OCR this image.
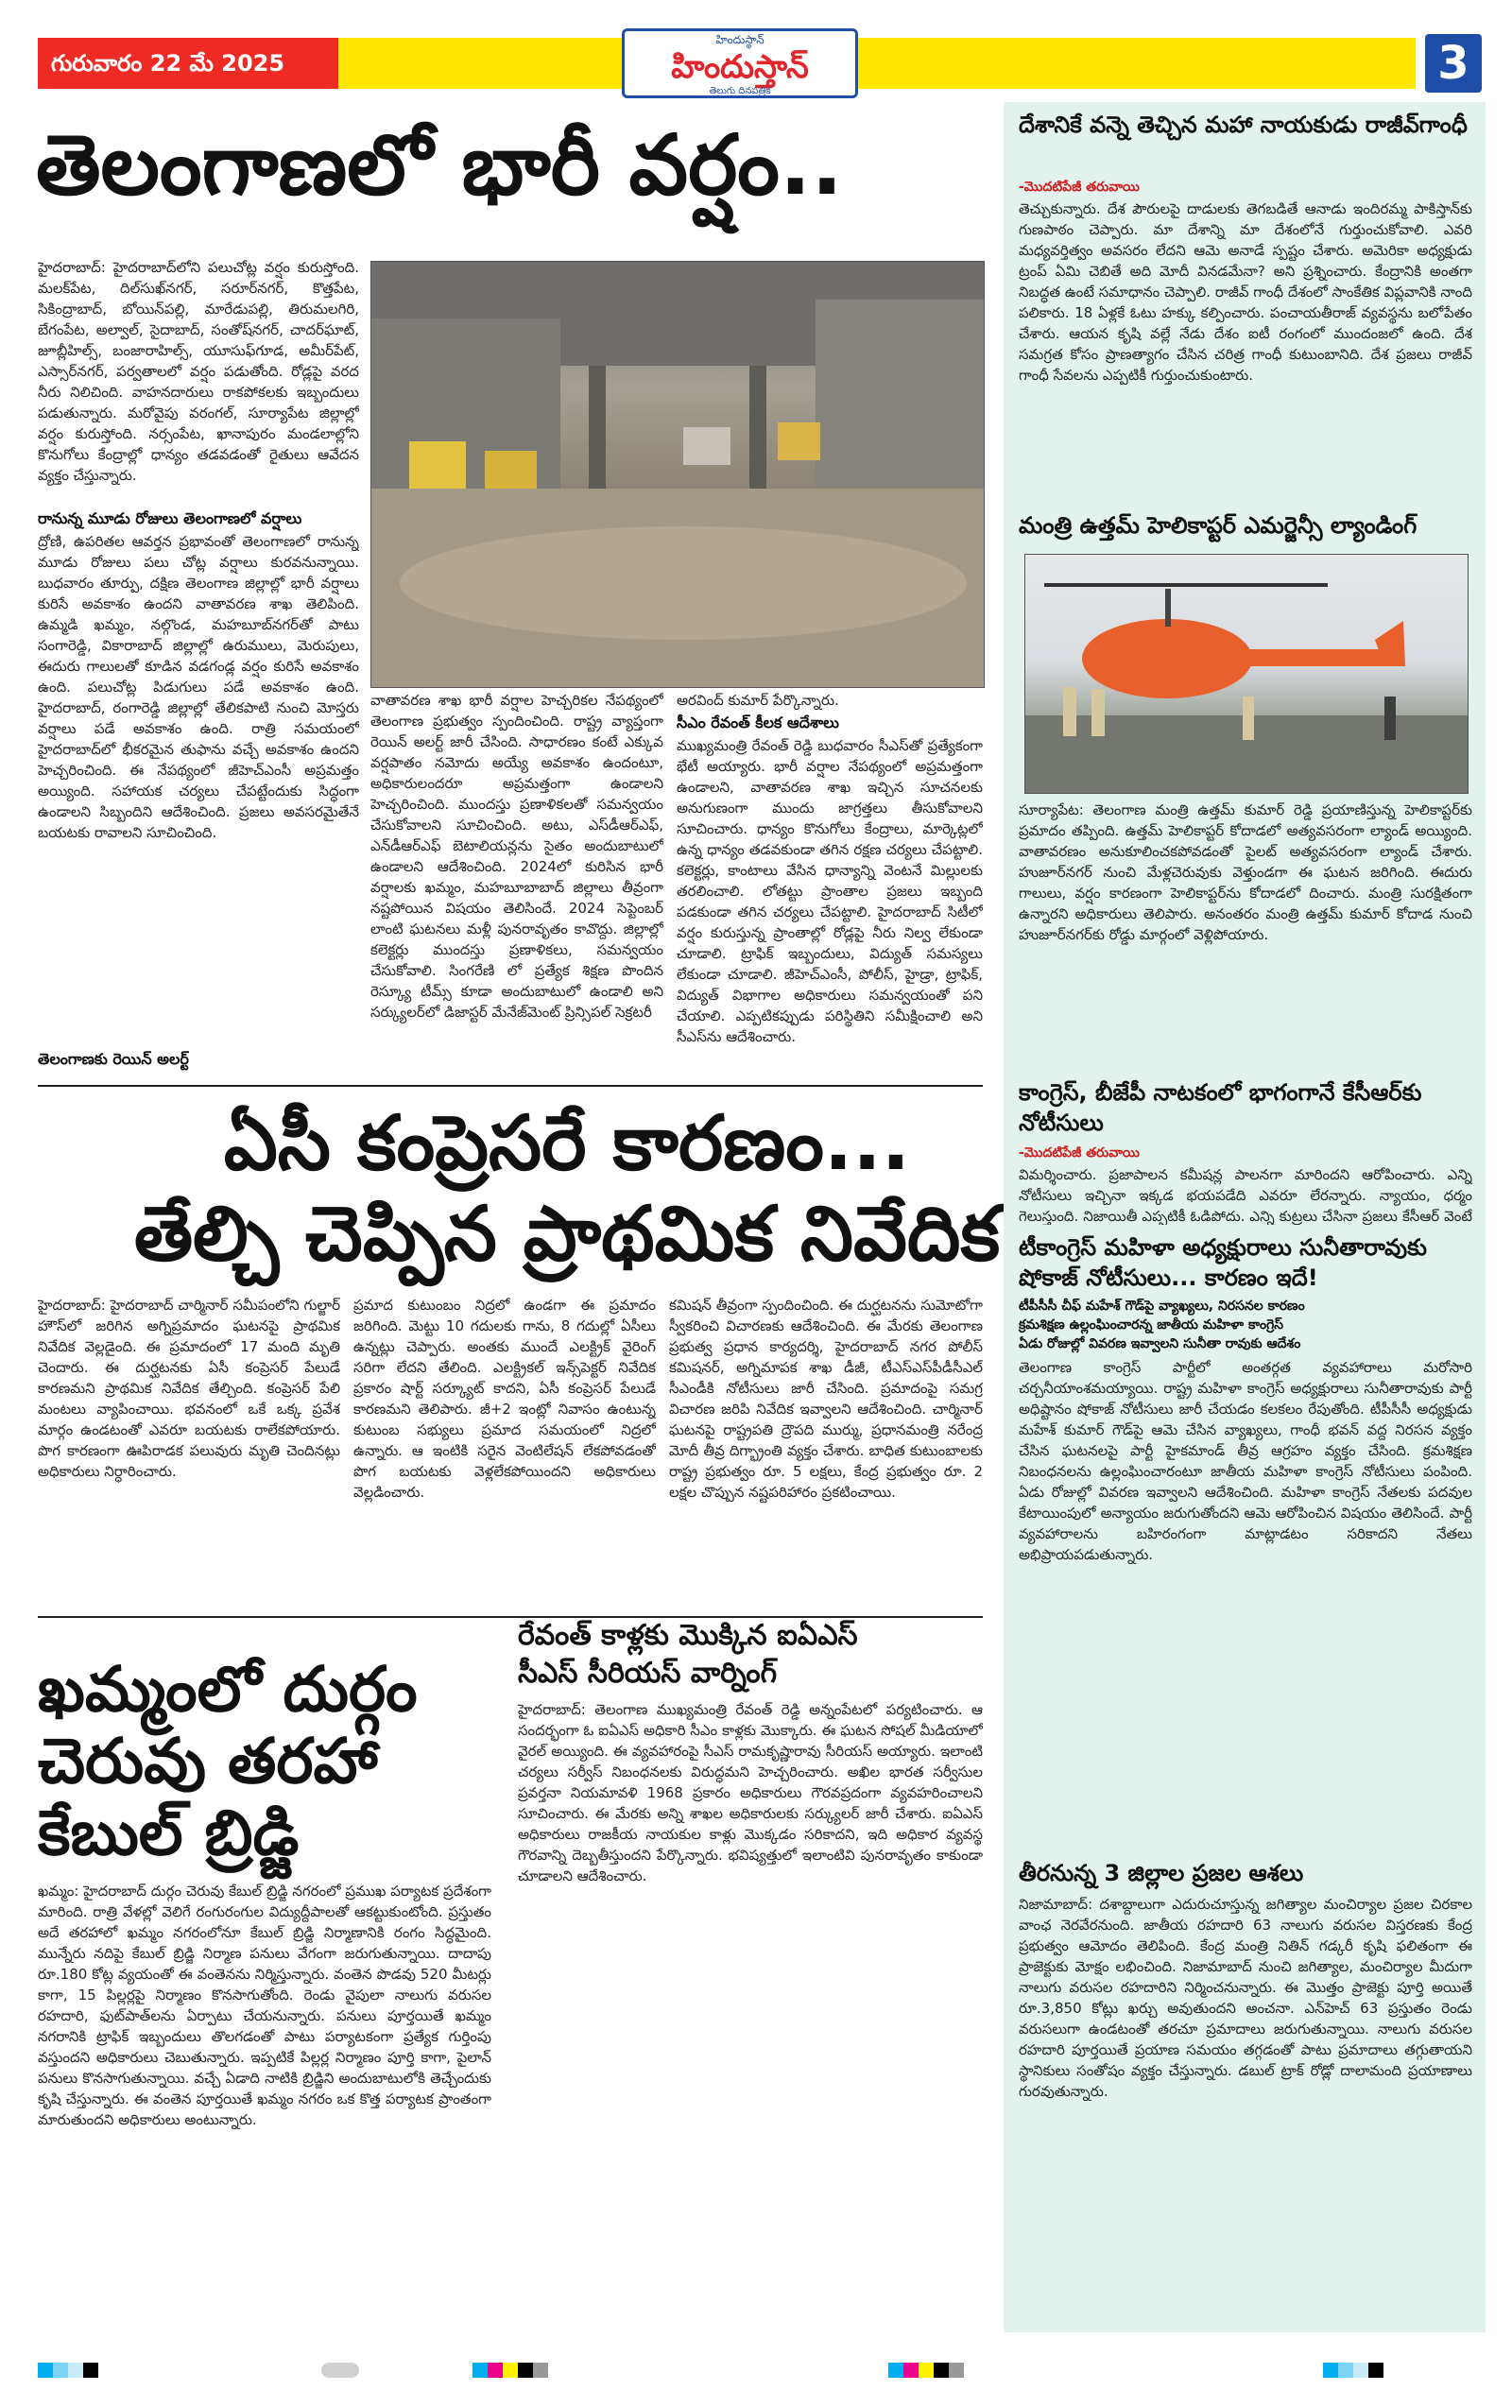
గురువారం 22 మే 2025
హిందుస్థాన్
హిందుస్తాన్
తెలుగు దినపత్రిక
3
తెలంగాణలో భారీ వర్షం..
హైదరాబాద్: హైదరాబాద్‌లోని పలుచోట్ల వర్షం కురుస్తోంది. మలక్‌పేట, దిల్‌సుఖ్‌నగర్, సరూర్‌నగర్, కొత్తపేట, సికింద్రాబాద్, బోయిన్‌పల్లి, మారేడుపల్లి, తిరుమలగిరి, బేగంపేట, అల్వాల్, సైదాబాద్, సంతోష్‌నగర్, చాదర్‌ఘాట్, జూబ్లీహిల్స్, బంజారాహిల్స్, యూసుఫ్‌గూడ, అమీర్‌పేట్, ఎస్సార్‌నగర్, పర్వతాలలో వర్షం పడుతోంది. రోడ్లపై వరద నీరు నిలిచింది. వాహనదారులు రాకపోకలకు ఇబ్బందులు పడుతున్నారు. మరోవైపు వరంగల్, సూర్యాపేట జిల్లాల్లో వర్షం కురుస్తోంది. నర్సంపేట, ఖానాపురం మండలాల్లోని కొనుగోలు కేంద్రాల్లో ధాన్యం తడవడంతో రైతులు ఆవేదన వ్యక్తం చేస్తున్నారు.
రానున్న మూడు రోజులు తెలంగాణలో వర్షాలు
ద్రోణి, ఉపరితల ఆవర్తన ప్రభావంతో తెలంగాణలో రానున్న మూడు రోజులు పలు చోట్ల వర్షాలు కురవనున్నాయి. బుధవారం తూర్పు, దక్షిణ తెలంగాణ జిల్లాల్లో భారీ వర్షాలు కురిసే అవకాశం ఉందని వాతావరణ శాఖ తెలిపింది. ఉమ్మడి ఖమ్మం, నల్గొండ, మహబూబ్‌నగర్‌తో పాటు సంగారెడ్డి, వికారాబాద్ జిల్లాల్లో ఉరుములు, మెరుపులు, ఈదురు గాలులతో కూడిన వడగండ్ల వర్షం కురిసే అవకాశం ఉంది. పలుచోట్ల పిడుగులు పడే అవకాశం ఉంది. హైదరాబాద్, రంగారెడ్డి జిల్లాల్లో తేలికపాటి నుంచి మోస్తరు వర్షాలు పడే అవకాశం ఉంది. రాత్రి సమయంలో హైదరాబాద్‌లో భీకరమైన తుఫాను వచ్చే అవకాశం ఉందని హెచ్చరించింది. ఈ నేపథ్యంలో జీహెచ్‌ఎంసీ అప్రమత్తం అయ్యింది. సహాయక చర్యలు చేపట్టేందుకు సిద్ధంగా ఉండాలని సిబ్బందిని ఆదేశించింది. ప్రజలు అవసరమైతేనే బయటకు రావాలని సూచించింది.
తెలంగాణకు రెయిన్ అలర్ట్
వాతావరణ శాఖ భారీ వర్షాల హెచ్చరికల నేపథ్యంలో తెలంగాణ ప్రభుత్వం స్పందించింది. రాష్ట్ర వ్యాప్తంగా రెయిన్ అలర్ట్ జారీ చేసింది. సాధారణం కంటే ఎక్కువ వర్షపాతం నమోదు అయ్యే అవకాశం ఉందంటూ, అధికారులందరూ అప్రమత్తంగా ఉండాలని హెచ్చరించింది. ముందస్తు ప్రణాళికలతో సమన్వయం చేసుకోవాలని సూచించింది. అటు, ఎస్‌డీఆర్‌ఎఫ్, ఎన్‌డీఆర్‌ఎఫ్ బెటాలియన్లను సైతం అందుబాటులో ఉండాలని ఆదేశించింది. 2024లో కురిసిన భారీ వర్షాలకు ఖమ్మం, మహబూబాబాద్ జిల్లాలు తీవ్రంగా నష్టపోయిన విషయం తెలిసిందే. 2024 సెప్టెంబర్ లాంటి ఘటనలు మళ్లీ పునరావృతం కావొద్దు. జిల్లాల్లో కలెక్టర్లు ముందస్తు ప్రణాళికలు, సమన్వయం చేసుకోవాలి. సింగరేణి లో ప్రత్యేక శిక్షణ పొందిన రెస్క్యూ టీమ్స్ కూడా అందుబాటులో ఉండాలి అని సర్క్యులర్‌లో డిజాస్టర్ మేనేజ్‌మెంట్ ప్రిన్సిపల్ సెక్రటరీ
అరవింద్ కుమార్ పేర్కొన్నారు.
సీఎం రేవంత్ కీలక ఆదేశాలు
ముఖ్యమంత్రి రేవంత్ రెడ్డి బుధవారం సీఎస్‌తో ప్రత్యేకంగా భేటీ అయ్యారు. భారీ వర్షాల నేపథ్యంలో అప్రమత్తంగా ఉండాలని, వాతావరణ శాఖ ఇచ్చిన సూచనలకు అనుగుణంగా ముందు జాగ్రత్తలు తీసుకోవాలని సూచించారు. ధాన్యం కొనుగోలు కేంద్రాలు, మార్కెట్లలో ఉన్న ధాన్యం తడవకుండా తగిన రక్షణ చర్యలు చేపట్టాలి. కలెక్టర్లు, కాంటాలు వేసిన ధాన్యాన్ని వెంటనే మిల్లులకు తరలించాలి. లోతట్టు ప్రాంతాల ప్రజలు ఇబ్బంది పడకుండా తగిన చర్యలు చేపట్టాలి. హైదరాబాద్ సిటీలో వర్షం కురుస్తున్న ప్రాంతాల్లో రోడ్లపై నీరు నిల్వ లేకుండా చూడాలి. ట్రాఫిక్ ఇబ్బందులు, విద్యుత్ సమస్యలు లేకుండా చూడాలి. జీహెచ్‌ఎంసీ, పోలీస్, హైడ్రా, ట్రాఫిక్, విద్యుత్ విభాగాల అధికారులు సమన్వయంతో పని చేయాలి. ఎప్పటికప్పుడు పరిస్థితిని సమీక్షించాలి అని సీఎస్‌ను ఆదేశించారు.
ఏసీ కంప్రెసరే కారణం...
తేల్చి చెప్పిన ప్రాథమిక నివేదిక
హైదరాబాద్: హైదరాబాద్ చార్మినార్ సమీపంలోని గుల్జార్ హౌస్‌లో జరిగిన అగ్నిప్రమాదం ఘటనపై ప్రాథమిక నివేదిక వెల్లడైంది. ఈ ప్రమాదంలో 17 మంది మృతి చెందారు. ఈ దుర్ఘటనకు ఏసీ కంప్రెసర్ పేలుడే కారణమని ప్రాథమిక నివేదిక తేల్చింది. కంప్రెసర్ పేలి మంటలు వ్యాపించాయి. భవనంలో ఒకే ఒక్క ప్రవేశ మార్గం ఉండటంతో ఎవరూ బయటకు రాలేకపోయారు. పొగ కారణంగా ఊపిరాడక పలువురు మృతి చెందినట్లు అధికారులు నిర్ధారించారు.
ప్రమాద కుటుంబం నిద్రలో ఉండగా ఈ ప్రమాదం జరిగింది. మెట్టు 10 గదులకు గాను, 8 గదుల్లో ఏసీలు ఉన్నట్లు చెప్పారు. అంతకు ముందే ఎలక్ట్రిక్ వైరింగ్ సరిగా లేదని తేలింది. ఎలక్ట్రికల్ ఇన్స్‌పెక్టర్ నివేదిక ప్రకారం షార్ట్ సర్క్యూట్ కాదని, ఏసీ కంప్రెసర్ పేలుడే కారణమని తెలిపారు. జీ+2 ఇంట్లో నివాసం ఉంటున్న కుటుంబ సభ్యులు ప్రమాద సమయంలో నిద్రలో ఉన్నారు. ఆ ఇంటికి సరైన వెంటిలేషన్ లేకపోవడంతో పొగ బయటకు వెళ్లలేకపోయిందని అధికారులు వెల్లడించారు.
కమిషన్ తీవ్రంగా స్పందించింది. ఈ దుర్ఘటనను సుమోటోగా స్వీకరించి విచారణకు ఆదేశించింది. ఈ మేరకు తెలంగాణ ప్రభుత్వ ప్రధాన కార్యదర్శి, హైదరాబాద్ నగర పోలీస్ కమిషనర్, అగ్నిమాపక శాఖ డీజీ, టీఎస్‌ఎస్‌పీడీసీఎల్ సీఎండీకి నోటీసులు జారీ చేసింది. ప్రమాదంపై సమగ్ర విచారణ జరిపి నివేదిక ఇవ్వాలని ఆదేశించింది. చార్మినార్ ఘటనపై రాష్ట్రపతి ద్రౌపది ముర్ము, ప్రధానమంత్రి నరేంద్ర మోదీ తీవ్ర దిగ్భ్రాంతి వ్యక్తం చేశారు. బాధిత కుటుంబాలకు రాష్ట్ర ప్రభుత్వం రూ. 5 లక్షలు, కేంద్ర ప్రభుత్వం రూ. 2 లక్షల చొప్పున నష్టపరిహారం ప్రకటించాయి.
ఖమ్మంలో దుర్గం చెరువు తరహా కేబుల్ బ్రిడ్జి
ఖమ్మం: హైదరాబాద్ దుర్గం చెరువు కేబుల్ బ్రిడ్జి నగరంలో ప్రముఖ పర్యాటక ప్రదేశంగా మారింది. రాత్రి వేళల్లో వెలిగే రంగురంగుల విద్యుద్దీపాలతో ఆకట్టుకుంటోంది. ప్రస్తుతం అదే తరహాలో ఖమ్మం నగరంలోనూ కేబుల్ బ్రిడ్జి నిర్మాణానికి రంగం సిద్ధమైంది. మున్నేరు నదిపై కేబుల్ బ్రిడ్జి నిర్మాణ పనులు వేగంగా జరుగుతున్నాయి. దాదాపు రూ.180 కోట్ల వ్యయంతో ఈ వంతెనను నిర్మిస్తున్నారు. వంతెన పొడవు 520 మీటర్లు కాగా, 15 పిల్లర్లపై నిర్మాణం కొనసాగుతోంది. రెండు వైపులా నాలుగు వరుసల రహదారి, ఫుట్‌పాత్‌లను ఏర్పాటు చేయనున్నారు. పనులు పూర్తయితే ఖమ్మం నగరానికి ట్రాఫిక్ ఇబ్బందులు తొలగడంతో పాటు పర్యాటకంగా ప్రత్యేక గుర్తింపు వస్తుందని అధికారులు చెబుతున్నారు. ఇప్పటికే పిల్లర్ల నిర్మాణం పూర్తి కాగా, పైలాన్ పనులు కొనసాగుతున్నాయి. వచ్చే ఏడాది నాటికి బ్రిడ్జిని అందుబాటులోకి తెచ్చేందుకు కృషి చేస్తున్నారు. ఈ వంతెన పూర్తయితే ఖమ్మం నగరం ఒక కొత్త పర్యాటక ప్రాంతంగా మారుతుందని అధికారులు అంటున్నారు.
రేవంత్ కాళ్లకు మొక్కిన ఐఏఎస్
సీఎస్ సీరియస్ వార్నింగ్
హైదరాబాద్: తెలంగాణ ముఖ్యమంత్రి రేవంత్ రెడ్డి అన్నంపేటలో పర్యటించారు. ఆ సందర్భంగా ఓ ఐఏఎస్ అధికారి సీఎం కాళ్లకు మొక్కారు. ఈ ఘటన సోషల్ మీడియాలో వైరల్ అయ్యింది. ఈ వ్యవహారంపై సీఎస్ రామకృష్ణారావు సీరియస్ అయ్యారు. ఇలాంటి చర్యలు సర్వీస్ నిబంధనలకు విరుద్ధమని హెచ్చరించారు. అఖిల భారత సర్వీసుల ప్రవర్తనా నియమావళి 1968 ప్రకారం అధికారులు గౌరవప్రదంగా వ్యవహరించాలని సూచించారు. ఈ మేరకు అన్ని శాఖల అధికారులకు సర్క్యులర్ జారీ చేశారు. ఐఏఎస్ అధికారులు రాజకీయ నాయకుల కాళ్లు మొక్కడం సరికాదని, ఇది అధికార వ్యవస్థ గౌరవాన్ని దెబ్బతీస్తుందని పేర్కొన్నారు. భవిష్యత్తులో ఇలాంటివి పునరావృతం కాకుండా చూడాలని ఆదేశించారు.
దేశానికే వన్నె తెచ్చిన మహా నాయకుడు రాజీవ్‌గాంధీ
-మొదటిపేజీ తరువాయి
తెచ్చుకున్నారు. దేశ పౌరులపై దాడులకు తెగబడితే ఆనాడు ఇందిరమ్మ పాకిస్తాన్‌కు గుణపాఠం చెప్పారు. మా దేశాన్ని మా దేశంలోనే గుర్తుంచుకోవాలి. ఎవరి మధ్యవర్తిత్వం అవసరం లేదని ఆమె అనాడే స్పష్టం చేశారు. అమెరికా అధ్యక్షుడు ట్రంప్ ఏమి చెబితే అది మోదీ వినడమేనా? అని ప్రశ్నించారు. కేంద్రానికి అంతగా నిబద్ధత ఉంటే సమాధానం చెప్పాలి. రాజీవ్ గాంధీ దేశంలో సాంకేతిక విప్లవానికి నాంది పలికారు. 18 ఏళ్లకే ఓటు హక్కు కల్పించారు. పంచాయతీరాజ్ వ్యవస్థను బలోపేతం చేశారు. ఆయన కృషి వల్లే నేడు దేశం ఐటీ రంగంలో ముందంజలో ఉంది. దేశ సమగ్రత కోసం ప్రాణత్యాగం చేసిన చరిత్ర గాంధీ కుటుంబానిది. దేశ ప్రజలు రాజీవ్ గాంధీ సేవలను ఎప్పటికీ గుర్తుంచుకుంటారు.
మంత్రి ఉత్తమ్ హెలికాప్టర్ ఎమర్జెన్సీ ల్యాండింగ్
సూర్యాపేట: తెలంగాణ మంత్రి ఉత్తమ్ కుమార్ రెడ్డి ప్రయాణిస్తున్న హెలికాప్టర్‌కు ప్రమాదం తప్పింది. ఉత్తమ్ హెలికాప్టర్ కోదాడలో అత్యవసరంగా ల్యాండ్ అయ్యింది. వాతావరణం అనుకూలించకపోవడంతో పైలట్ అత్యవసరంగా ల్యాండ్ చేశారు. హుజూర్‌నగర్ నుంచి మేళ్లచెరువుకు వెళ్తుండగా ఈ ఘటన జరిగింది. ఈదురు గాలులు, వర్షం కారణంగా హెలికాప్టర్‌ను కోదాడలో దించారు. మంత్రి సురక్షితంగా ఉన్నారని అధికారులు తెలిపారు. అనంతరం మంత్రి ఉత్తమ్ కుమార్ కోదాడ నుంచి హుజూర్‌నగర్‌కు రోడ్డు మార్గంలో వెళ్లిపోయారు.
కాంగ్రెస్, బీజేపీ నాటకంలో భాగంగానే కేసీఆర్‌కు నోటీసులు
-మొదటిపేజీ తరువాయి
విమర్శించారు. ప్రజాపాలన కమీషన్ల పాలనగా మారిందని ఆరోపించారు. ఎన్ని నోటీసులు ఇచ్చినా ఇక్కడ భయపడేది ఎవరూ లేరన్నారు. న్యాయం, ధర్మం గెలుస్తుంది. నిజాయితీ ఎప్పటికీ ఓడిపోదు. ఎన్ని కుట్రలు చేసినా ప్రజలు కేసీఆర్ వెంటే
టీకాంగ్రెస్ మహిళా అధ్యక్షురాలు సునీతారావుకు షోకాజ్ నోటీసులు... కారణం ఇదే!
టీపీసీసీ చీఫ్ మహేశ్ గౌడ్‌పై వ్యాఖ్యలు, నిరసనల కారణం
క్రమశిక్షణ ఉల్లంఘించారన్న జాతీయ మహిళా కాంగ్రెస్
ఏడు రోజుల్లో వివరణ ఇవ్వాలని సునీతా రావుకు ఆదేశం
తెలంగాణ కాంగ్రెస్ పార్టీలో అంతర్గత వ్యవహారాలు మరోసారి చర్చనీయాంశమయ్యాయి. రాష్ట్ర మహిళా కాంగ్రెస్ అధ్యక్షురాలు సునీతారావుకు పార్టీ అధిష్టానం షోకాజ్ నోటీసులు జారీ చేయడం కలకలం రేపుతోంది. టీపీసీసీ అధ్యక్షుడు మహేశ్ కుమార్ గౌడ్‌పై ఆమె చేసిన వ్యాఖ్యలు, గాంధీ భవన్ వద్ద నిరసన వ్యక్తం చేసిన ఘటనలపై పార్టీ హైకమాండ్ తీవ్ర ఆగ్రహం వ్యక్తం చేసింది. క్రమశిక్షణ నిబంధనలను ఉల్లంఘించారంటూ జాతీయ మహిళా కాంగ్రెస్ నోటీసులు పంపింది. ఏడు రోజుల్లో వివరణ ఇవ్వాలని ఆదేశించింది. మహిళా కాంగ్రెస్ నేతలకు పదవుల కేటాయింపులో అన్యాయం జరుగుతోందని ఆమె ఆరోపించిన విషయం తెలిసిందే. పార్టీ వ్యవహారాలను బహిరంగంగా మాట్లాడటం సరికాదని నేతలు అభిప్రాయపడుతున్నారు.
తీరనున్న 3 జిల్లాల ప్రజల ఆశలు
నిజామాబాద్: దశాబ్దాలుగా ఎదురుచూస్తున్న జగిత్యాల మంచిర్యాల ప్రజల చిరకాల వాంఛ నెరవేరనుంది. జాతీయ రహదారి 63 నాలుగు వరుసల విస్తరణకు కేంద్ర ప్రభుత్వం ఆమోదం తెలిపింది. కేంద్ర మంత్రి నితిన్ గడ్కరీ కృషి ఫలితంగా ఈ ప్రాజెక్టుకు మోక్షం లభించింది. నిజామాబాద్ నుంచి జగిత్యాల, మంచిర్యాల మీదుగా నాలుగు వరుసల రహదారిని నిర్మించనున్నారు. ఈ మొత్తం ప్రాజెక్టు పూర్తి అయితే రూ.3,850 కోట్లు ఖర్చు అవుతుందని అంచనా. ఎన్‌హెచ్ 63 ప్రస్తుతం రెండు వరుసలుగా ఉండటంతో తరచూ ప్రమాదాలు జరుగుతున్నాయి. నాలుగు వరుసల రహదారి పూర్తయితే ప్రయాణ సమయం తగ్గడంతో పాటు ప్రమాదాలు తగ్గుతాయని స్థానికులు సంతోషం వ్యక్తం చేస్తున్నారు. డబుల్ ట్రాక్ రోడ్లో దాలామంది ప్రయాణాలు గురవుతున్నారు.
